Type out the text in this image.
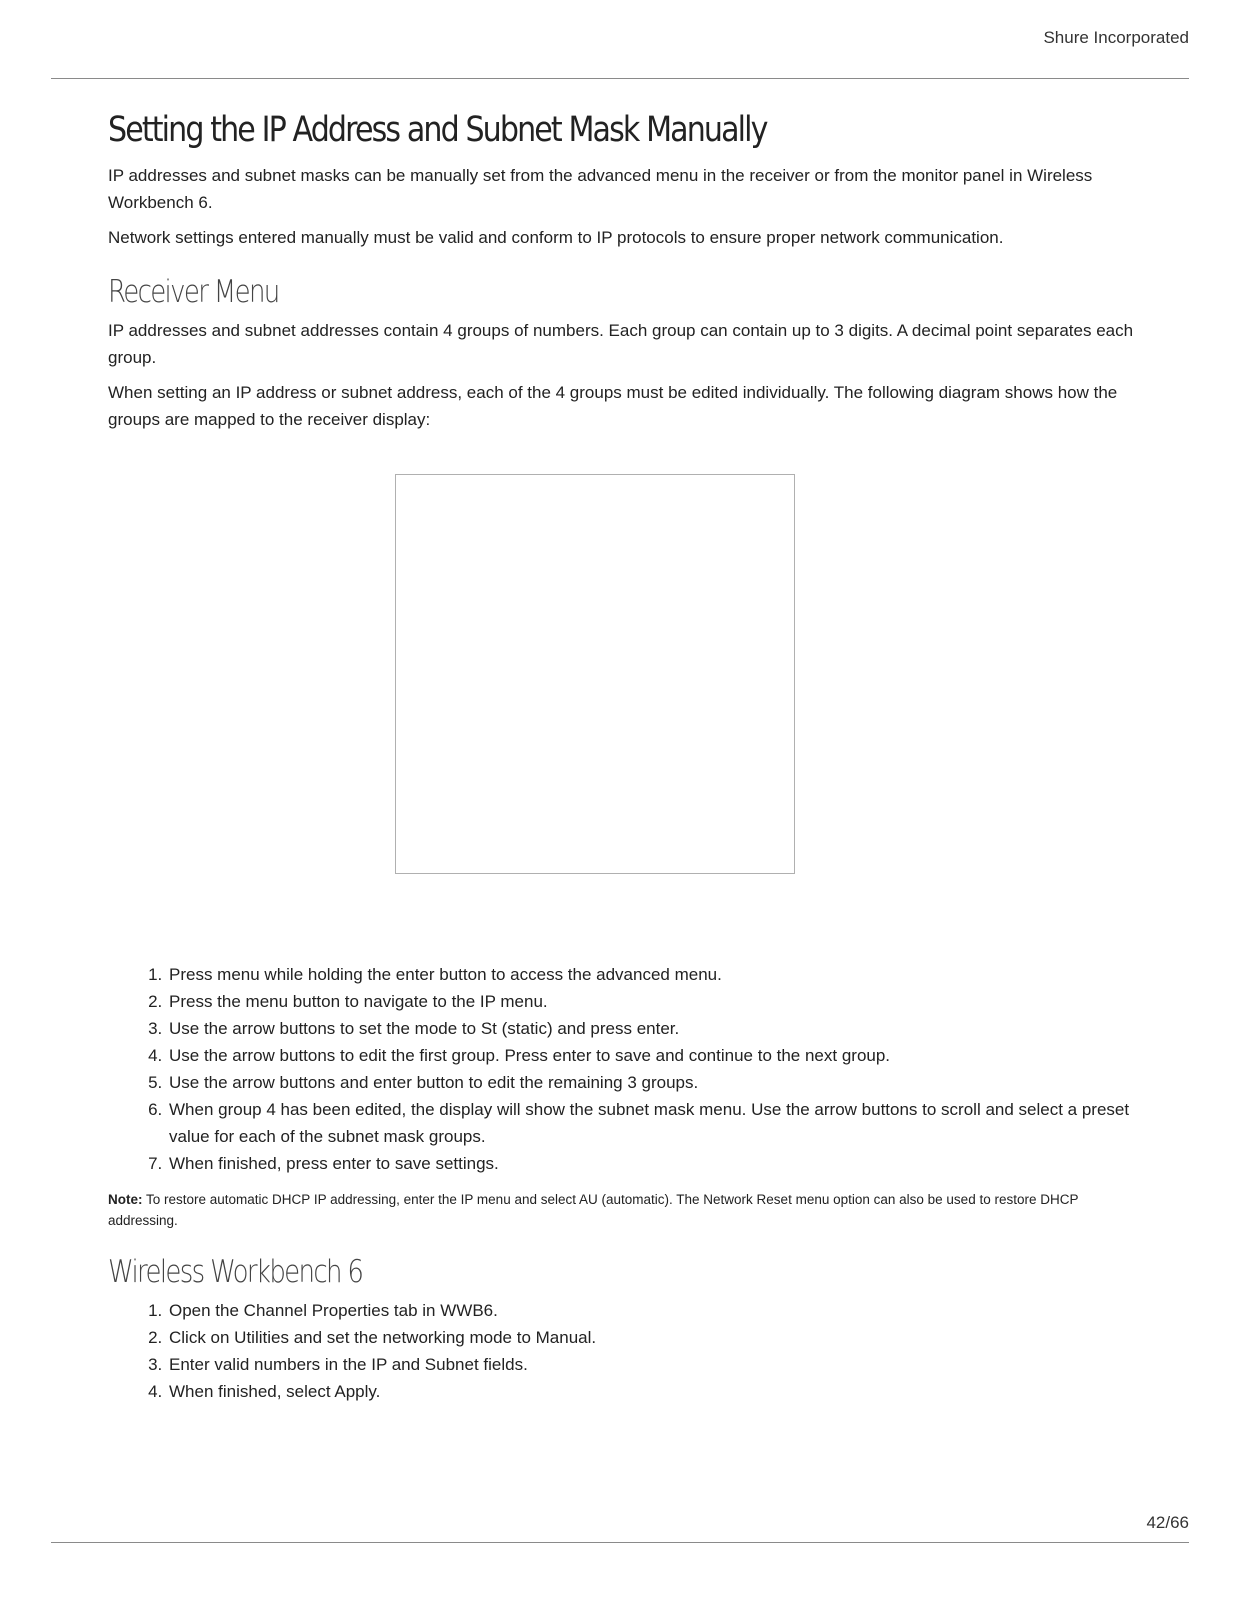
Shure Incorporated
Setting the IP Address and Subnet Mask Manually

IP addresses and subnet masks can be manually set from the advanced menu in the receiver or from the monitor panel in Wireless Workbench 6.

Network settings entered manually must be valid and conform to IP protocols to ensure proper network communication.

Receiver Menu

IP addresses and subnet addresses contain 4 groups of numbers. Each group can contain up to 3 digits. A decimal point separates each group.

When setting an IP address or subnet address, each of the 4 groups must be edited individually. The following diagram shows how the groups are mapped to the receiver display:

1. Press menu while holding the enter button to access the advanced menu.
2. Press the menu button to navigate to the IP menu.
3. Use the arrow buttons to set the mode to St (static) and press enter.
4. Use the arrow buttons to edit the first group. Press enter to save and continue to the next group.
5. Use the arrow buttons and enter button to edit the remaining 3 groups.
6. When group 4 has been edited, the display will show the subnet mask menu. Use the arrow buttons to scroll and select a preset value for each of the subnet mask groups.
7. When finished, press enter to save settings.

Note: To restore automatic DHCP IP addressing, enter the IP menu and select AU (automatic). The Network Reset menu option can also be used to restore DHCP addressing.

Wireless Workbench 6
1. Open the Channel Properties tab in WWB6.
2. Click on Utilities and set the networking mode to Manual.
3. Enter valid numbers in the IP and Subnet fields.
4. When finished, select Apply.
42/66
